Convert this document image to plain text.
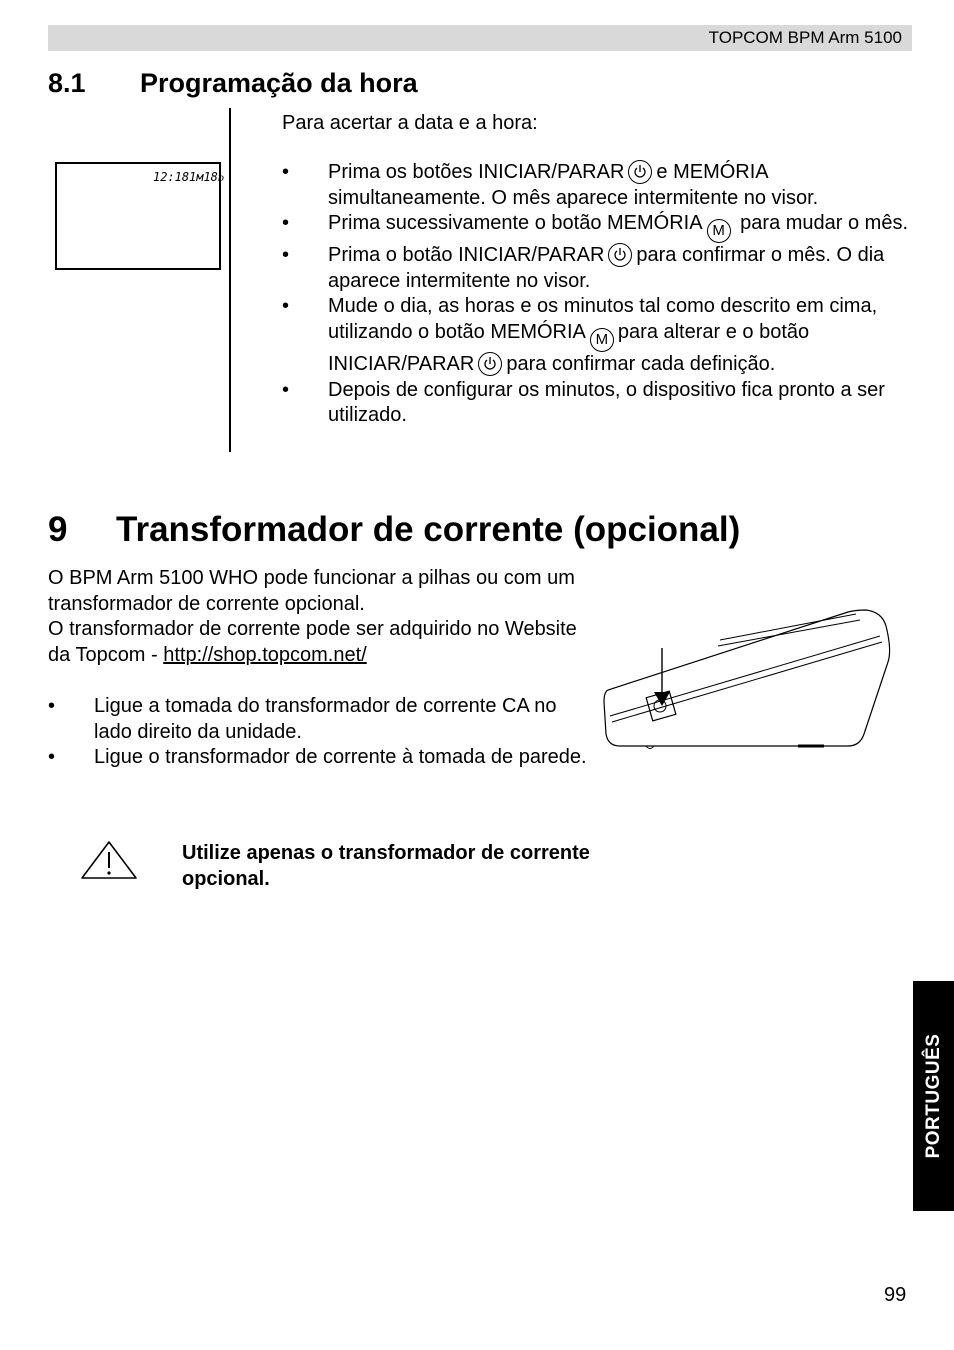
TOPCOM BPM Arm 5100
8.1 Programação da hora
12:18 1м18ᴅ
Para acertar a data e a hora:
• Prima os botões INICIAR/PARAR e MEMÓRIA simultaneamente. O mês aparece intermitente no visor.
• Prima sucessivamente o botão MEMÓRIA M para mudar o mês.
• Prima o botão INICIAR/PARAR para confirmar o mês. O dia aparece intermitente no visor.
• Mude o dia, as horas e os minutos tal como descrito em cima, utilizando o botão MEMÓRIA M para alterar e o botão INICIAR/PARAR para confirmar cada definição.
• Depois de configurar os minutos, o dispositivo fica pronto a ser utilizado.
9 Transformador de corrente (opcional)

O BPM Arm 5100 WHO pode funcionar a pilhas ou com um transformador de corrente opcional.
O transformador de corrente pode ser adquirido no Website da Topcom - http://shop.topcom.net/

• Ligue a tomada do transformador de corrente CA no lado direito da unidade.
• Ligue o transformador de corrente à tomada de parede.

Utilize apenas o transformador de corrente opcional.

PORTUGUÊS
99
